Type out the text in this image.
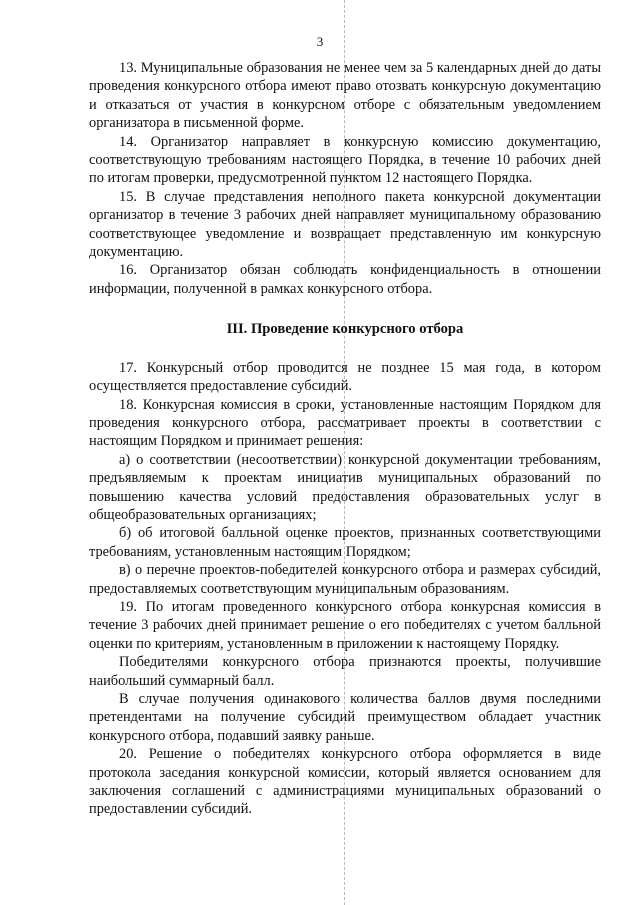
3

13. Муниципальные образования не менее чем за 5 календарных дней до даты проведения конкурсного отбора имеют право отозвать конкурсную документацию и отказаться от участия в конкурсном отборе с обязательным уведомлением организатора в письменной форме.

14. Организатор направляет в конкурсную комиссию документацию, соответствующую требованиям настоящего Порядка, в течение 10 рабочих дней по итогам проверки, предусмотренной пунктом 12 настоящего Порядка.

15. В случае представления неполного пакета конкурсной документации организатор в течение 3 рабочих дней направляет муниципальному образованию соответствующее уведомление и возвращает представленную им конкурсную документацию.

16. Организатор обязан соблюдать конфиденциальность в отношении информации, полученной в рамках конкурсного отбора.

III. Проведение конкурсного отбора

17. Конкурсный отбор проводится не позднее 15 мая года, в котором осуществляется предоставление субсидий.

18. Конкурсная комиссия в сроки, установленные настоящим Порядком для проведения конкурсного отбора, рассматривает проекты в соответствии с настоящим Порядком и принимает решения:

а) о соответствии (несоответствии) конкурсной документации требованиям, предъявляемым к проектам инициатив муниципальных образований по повышению качества условий предоставления образовательных услуг в общеобразовательных организациях;

б) об итоговой балльной оценке проектов, признанных соответствующими требованиям, установленным настоящим Порядком;

в) о перечне проектов-победителей конкурсного отбора и размерах субсидий, предоставляемых соответствующим муниципальным образованиям.

19. По итогам проведенного конкурсного отбора конкурсная комиссия в течение 3 рабочих дней принимает решение о его победителях с учетом балльной оценки по критериям, установленным в приложении к настоящему Порядку.

Победителями конкурсного отбора признаются проекты, получившие наибольший суммарный балл.

В случае получения одинакового количества баллов двумя последними претендентами на получение субсидий преимуществом обладает участник конкурсного отбора, подавший заявку раньше.

20. Решение о победителях конкурсного отбора оформляется в виде протокола заседания конкурсной комиссии, который является основанием для заключения соглашений с администрациями муниципальных образований о предоставлении субсидий.
